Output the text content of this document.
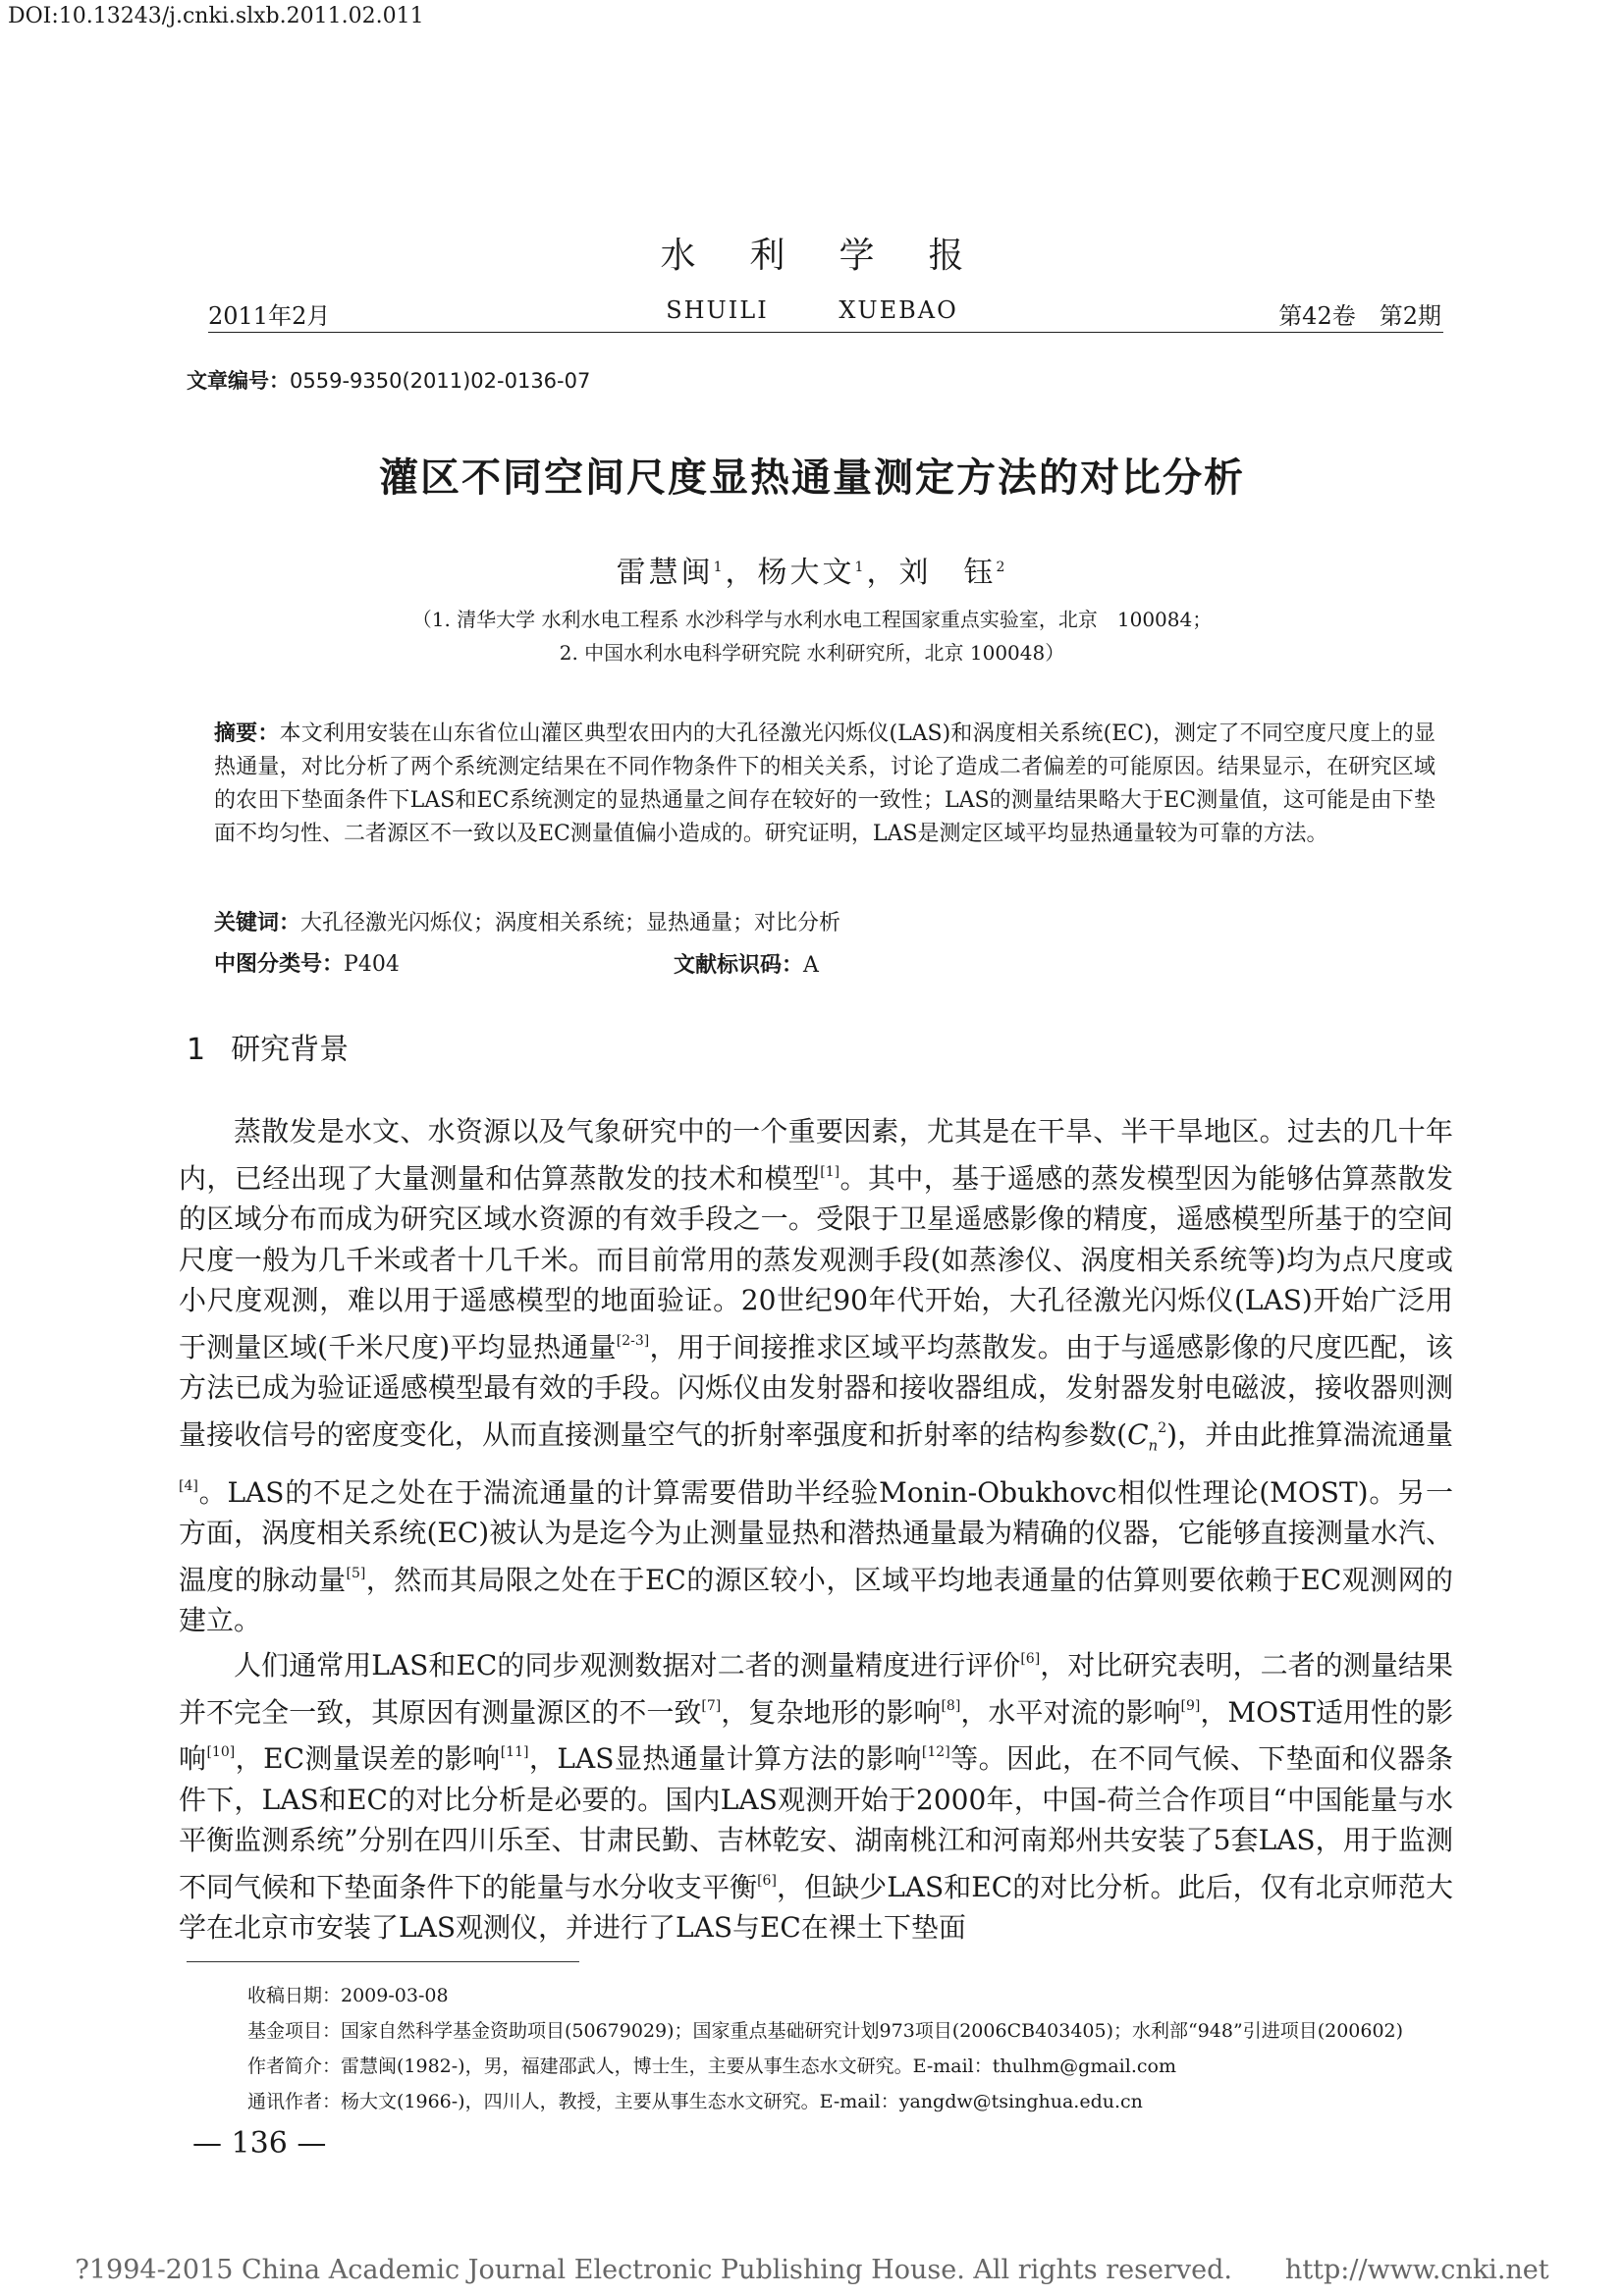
DOI:10.13243/j.cnki.slxb.2011.02.011
水利学报
2011年2月	SHUILI XUEBAO	第42卷　第2期
文章编号：0559-9350(2011)02-0136-07
灌区不同空间尺度显热通量测定方法的对比分析
雷慧闽$^1$，杨大文$^1$，刘　钰$^2$
（1. 清华大学 水利水电工程系 水沙科学与水利水电工程国家重点实验室，北京　100084；
2. 中国水利水电科学研究院 水利研究所，北京 100048）
摘要：本文利用安装在山东省位山灌区典型农田内的大孔径激光闪烁仪(LAS)和涡度相关系统(EC)，测定了不同空度尺度上的显热通量，对比分析了两个系统测定结果在不同作物条件下的相关关系，讨论了造成二者偏差的可能原因。结果显示，在研究区域的农田下垫面条件下LAS和EC系统测定的显热通量之间存在较好的一致性；LAS的测量结果略大于EC测量值，这可能是由下垫面不均匀性、二者源区不一致以及EC测量值偏小造成的。研究证明，LAS是测定区域平均显热通量较为可靠的方法。
关键词：大孔径激光闪烁仪；涡度相关系统；显热通量；对比分析
中图分类号：P404	文献标识码：A
1 研究背景

蒸散发是水文、水资源以及气象研究中的一个重要因素，尤其是在干旱、半干旱地区。过去的几十年内，已经出现了大量测量和估算蒸散发的技术和模型[1]。其中，基于遥感的蒸发模型因为能够估算蒸散发的区域分布而成为研究区域水资源的有效手段之一。受限于卫星遥感影像的精度，遥感模型所基于的空间尺度一般为几千米或者十几千米。而目前常用的蒸发观测手段(如蒸渗仪、涡度相关系统等)均为点尺度或小尺度观测，难以用于遥感模型的地面验证。20世纪90年代开始，大孔径激光闪烁仪(LAS)开始广泛用于测量区域(千米尺度)平均显热通量[2-3]，用于间接推求区域平均蒸散发。由于与遥感影像的尺度匹配，该方法已成为验证遥感模型最有效的手段。闪烁仪由发射器和接收器组成，发射器发射电磁波，接收器则测量接收信号的密度变化，从而直接测量空气的折射率强度和折射率的结构参数$(C_n^2)$，并由此推算湍流通量[4]。LAS的不足之处在于湍流通量的计算需要借助半经验Monin-Obukhovc相似性理论(MOST)。另一方面，涡度相关系统(EC)被认为是迄今为止测量显热和潜热通量最为精确的仪器，它能够直接测量水汽、温度的脉动量[5]，然而其局限之处在于EC的源区较小，区域平均地表通量的估算则要依赖于EC观测网的建立。

人们通常用LAS和EC的同步观测数据对二者的测量精度进行评价[6]，对比研究表明，二者的测量结果并不完全一致，其原因有测量源区的不一致[7]，复杂地形的影响[8]，水平对流的影响[9]，MOST适用性的影响[10]，EC测量误差的影响[11]，LAS显热通量计算方法的影响[12]等。因此，在不同气候、下垫面和仪器条件下，LAS和EC的对比分析是必要的。国内LAS观测开始于2000年，中国-荷兰合作项目“中国能量与水平衡监测系统”分别在四川乐至、甘肃民勤、吉林乾安、湖南桃江和河南郑州共安装了5套LAS，用于监测不同气候和下垫面条件下的能量与水分收支平衡[6]，但缺少LAS和EC的对比分析。此后，仅有北京师范大学在北京市安装了LAS观测仪，并进行了LAS与EC在裸土下垫面

收稿日期：2009-03-08
基金项目：国家自然科学基金资助项目(50679029)；国家重点基础研究计划973项目(2006CB403405)；水利部“948”引进项目(200602)
作者简介：雷慧闽(1982-)，男，福建邵武人，博士生，主要从事生态水文研究。E-mail：thulhm@gmail.com
通讯作者：杨大文(1966-)，四川人，教授，主要从事生态水文研究。E-mail：yangdw@tsinghua.edu.cn
— 136 —
?1994-2015 China Academic Journal Electronic Publishing House. All rights reserved.　　http://www.cnki.net
